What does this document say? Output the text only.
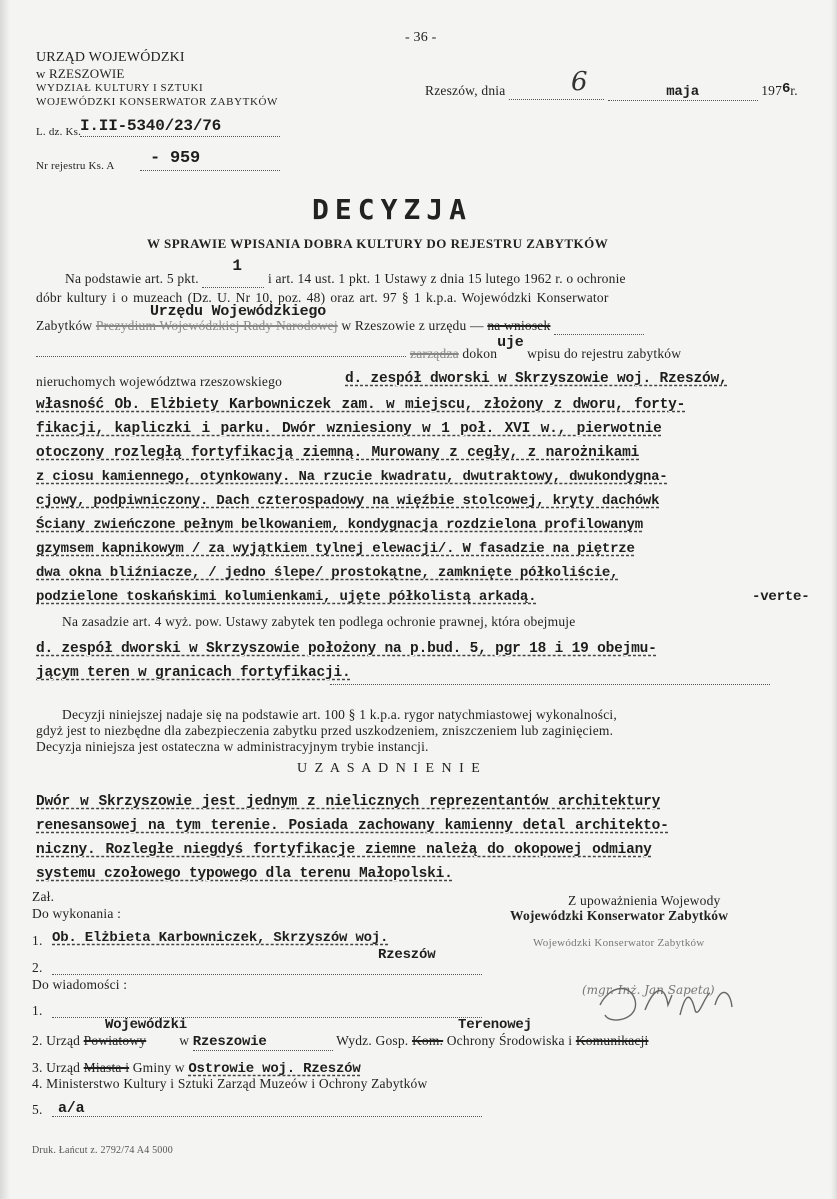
- 36 -
URZĄD WOJEWÓDZKI
w RZESZOWIE
WYDZIAŁ KULTURY I SZTUKI
WOJEWÓDZKI KONSERWATOR ZABYTKÓW
Rzeszów, dnia	6	maja	1976r.
L. dz. Ks.
I.II-5340/23/76
Nr rejestru Ks. A - 959
DECYZJA
W SPRAWIE WPISANIA DOBRA KULTURY DO REJESTRU ZABYTKÓW
Na podstawie art. 5 pkt.
1
i art. 14 ust. 1 pkt. 1 Ustawy z dnia 15 lutego 1962 r. o ochronie
dóbr kultury i o muzeach (Dz. U. Nr 10, poz. 48) oraz art. 97 § 1 k.p.a. Wojewódzki Konserwator
Urzędu Wojewódzkiego
Zabytków Prezydium Wojewódzkiej Rady Narodowej w Rzeszowie z urzędu — na wniosek
zarządza dokonuje wpisu do rejestru zabytków
nieruchomych województwa rzeszowskiego	d. zespół dworski w Skrzyszowie woj. Rzeszów,
własność Ob. Elżbiety Karbowniczek zam. w miejscu, złożony z dworu, forty-
fikacji, kapliczki i parku. Dwór wzniesiony w 1 poł. XVI w., pierwotnie
otoczony rozległą fortyfikacją ziemną. Murowany z cegły, z narożnikami
z ciosu kamiennego, otynkowany. Na rzucie kwadratu, dwutraktowy, dwukondygna-
cjowy, podpiwniczony. Dach czterospadowy na więźbie stolcowej, kryty dachówk
Ściany zwieńczone pełnym belkowaniem, kondygnacja rozdzielona profilowanym
gzymsem kapnikowym / za wyjątkiem tylnej elewacji/. W fasadzie na piętrze
dwa okna bliźniacze, / jedno ślepe/ prostokątne, zamknięte półkoliście,
podzielone toskańskimi kolumienkami, ujęte półkolistą arkadą.	-verte-
Na zasadzie art. 4 wyż. pow. Ustawy zabytek ten podlega ochronie prawnej, która obejmuje
d. zespół dworski w Skrzyszowie położony na p.bud. 5, pgr 18 i 19 obejmu-
jącym teren w granicach fortyfikacji.
Decyzji niniejszej nadaje się na podstawie art. 100 § 1 k.p.a. rygor natychmiastowej wykonalności,
gdyż jest to niezbędne dla zabezpieczenia zabytku przed uszkodzeniem, zniszczeniem lub zaginięciem.
Decyzja niniejsza jest ostateczna w administracyjnym trybie instancji.
U Z A S A D N I E N I E
Dwór w Skrzyszowie jest jednym z nielicznych reprezentantów architektury
renesansowej na tym terenie. Posiada zachowany kamienny detal architekto-
niczny. Rozległe niegdyś fortyfikacje ziemne należą do okopowej odmiany
systemu czołowego typowego dla terenu Małopolski.
Zał.
Do wykonania :
Z upoważnienia Wojewody
Wojewódzki Konserwator Zabytków
Wojewódzki Konserwator Zabytków
(mgr. Inż. Jan Sapeta)
1. Ob. Elżbieta Karbowniczek, Skrzyszów woj.
Rzeszów
2.
Do wiadomości :
1.
Wojewódzki	Terenowej
2. Urząd Powiatowy w Rzeszowie	Wydz. Gosp. Kom. Ochrony Środowiska i Komunikacji
3. Urząd Miasta i Gminy w Ostrowie woj. Rzeszów
4. Ministerstwo Kultury i Sztuki Zarząd Muzeów i Ochrony Zabytków
5. a/a
Druk. Łańcut z. 2792/74 A4 5000
